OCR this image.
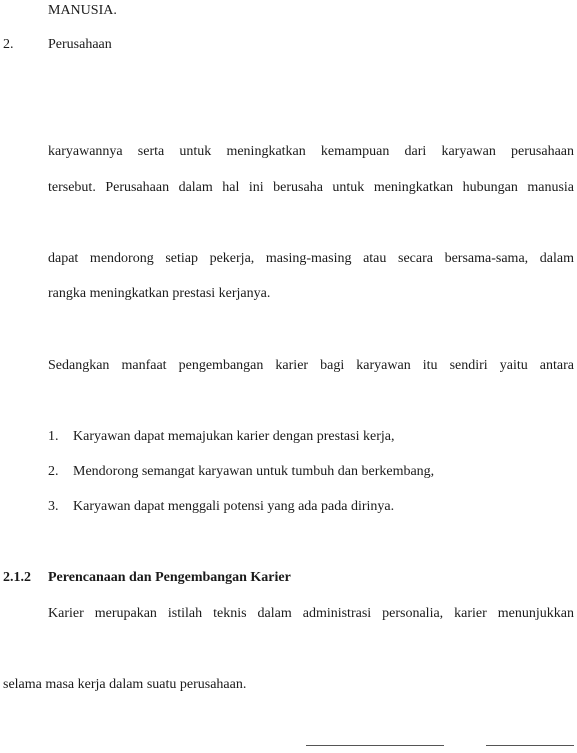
MANUSIA.
2. Perusahaan
karyawannya serta untuk meningkatkan kemampuan dari karyawan perusahaan
tersebut. Perusahaan dalam hal ini berusaha untuk meningkatkan hubungan manusia
dapat mendorong setiap pekerja, masing-masing atau secara bersama-sama, dalam
rangka meningkatkan prestasi kerjanya.
Sedangkan manfaat pengembangan karier bagi karyawan itu sendiri yaitu antara
1. Karyawan dapat memajukan karier dengan prestasi kerja,
2. Mendorong semangat karyawan untuk tumbuh dan berkembang,
3. Karyawan dapat menggali potensi yang ada pada dirinya.
2.1.2 Perencanaan dan Pengembangan Karier
Karier merupakan istilah teknis dalam administrasi personalia, karier menunjukkan
selama masa kerja dalam suatu perusahaan.
